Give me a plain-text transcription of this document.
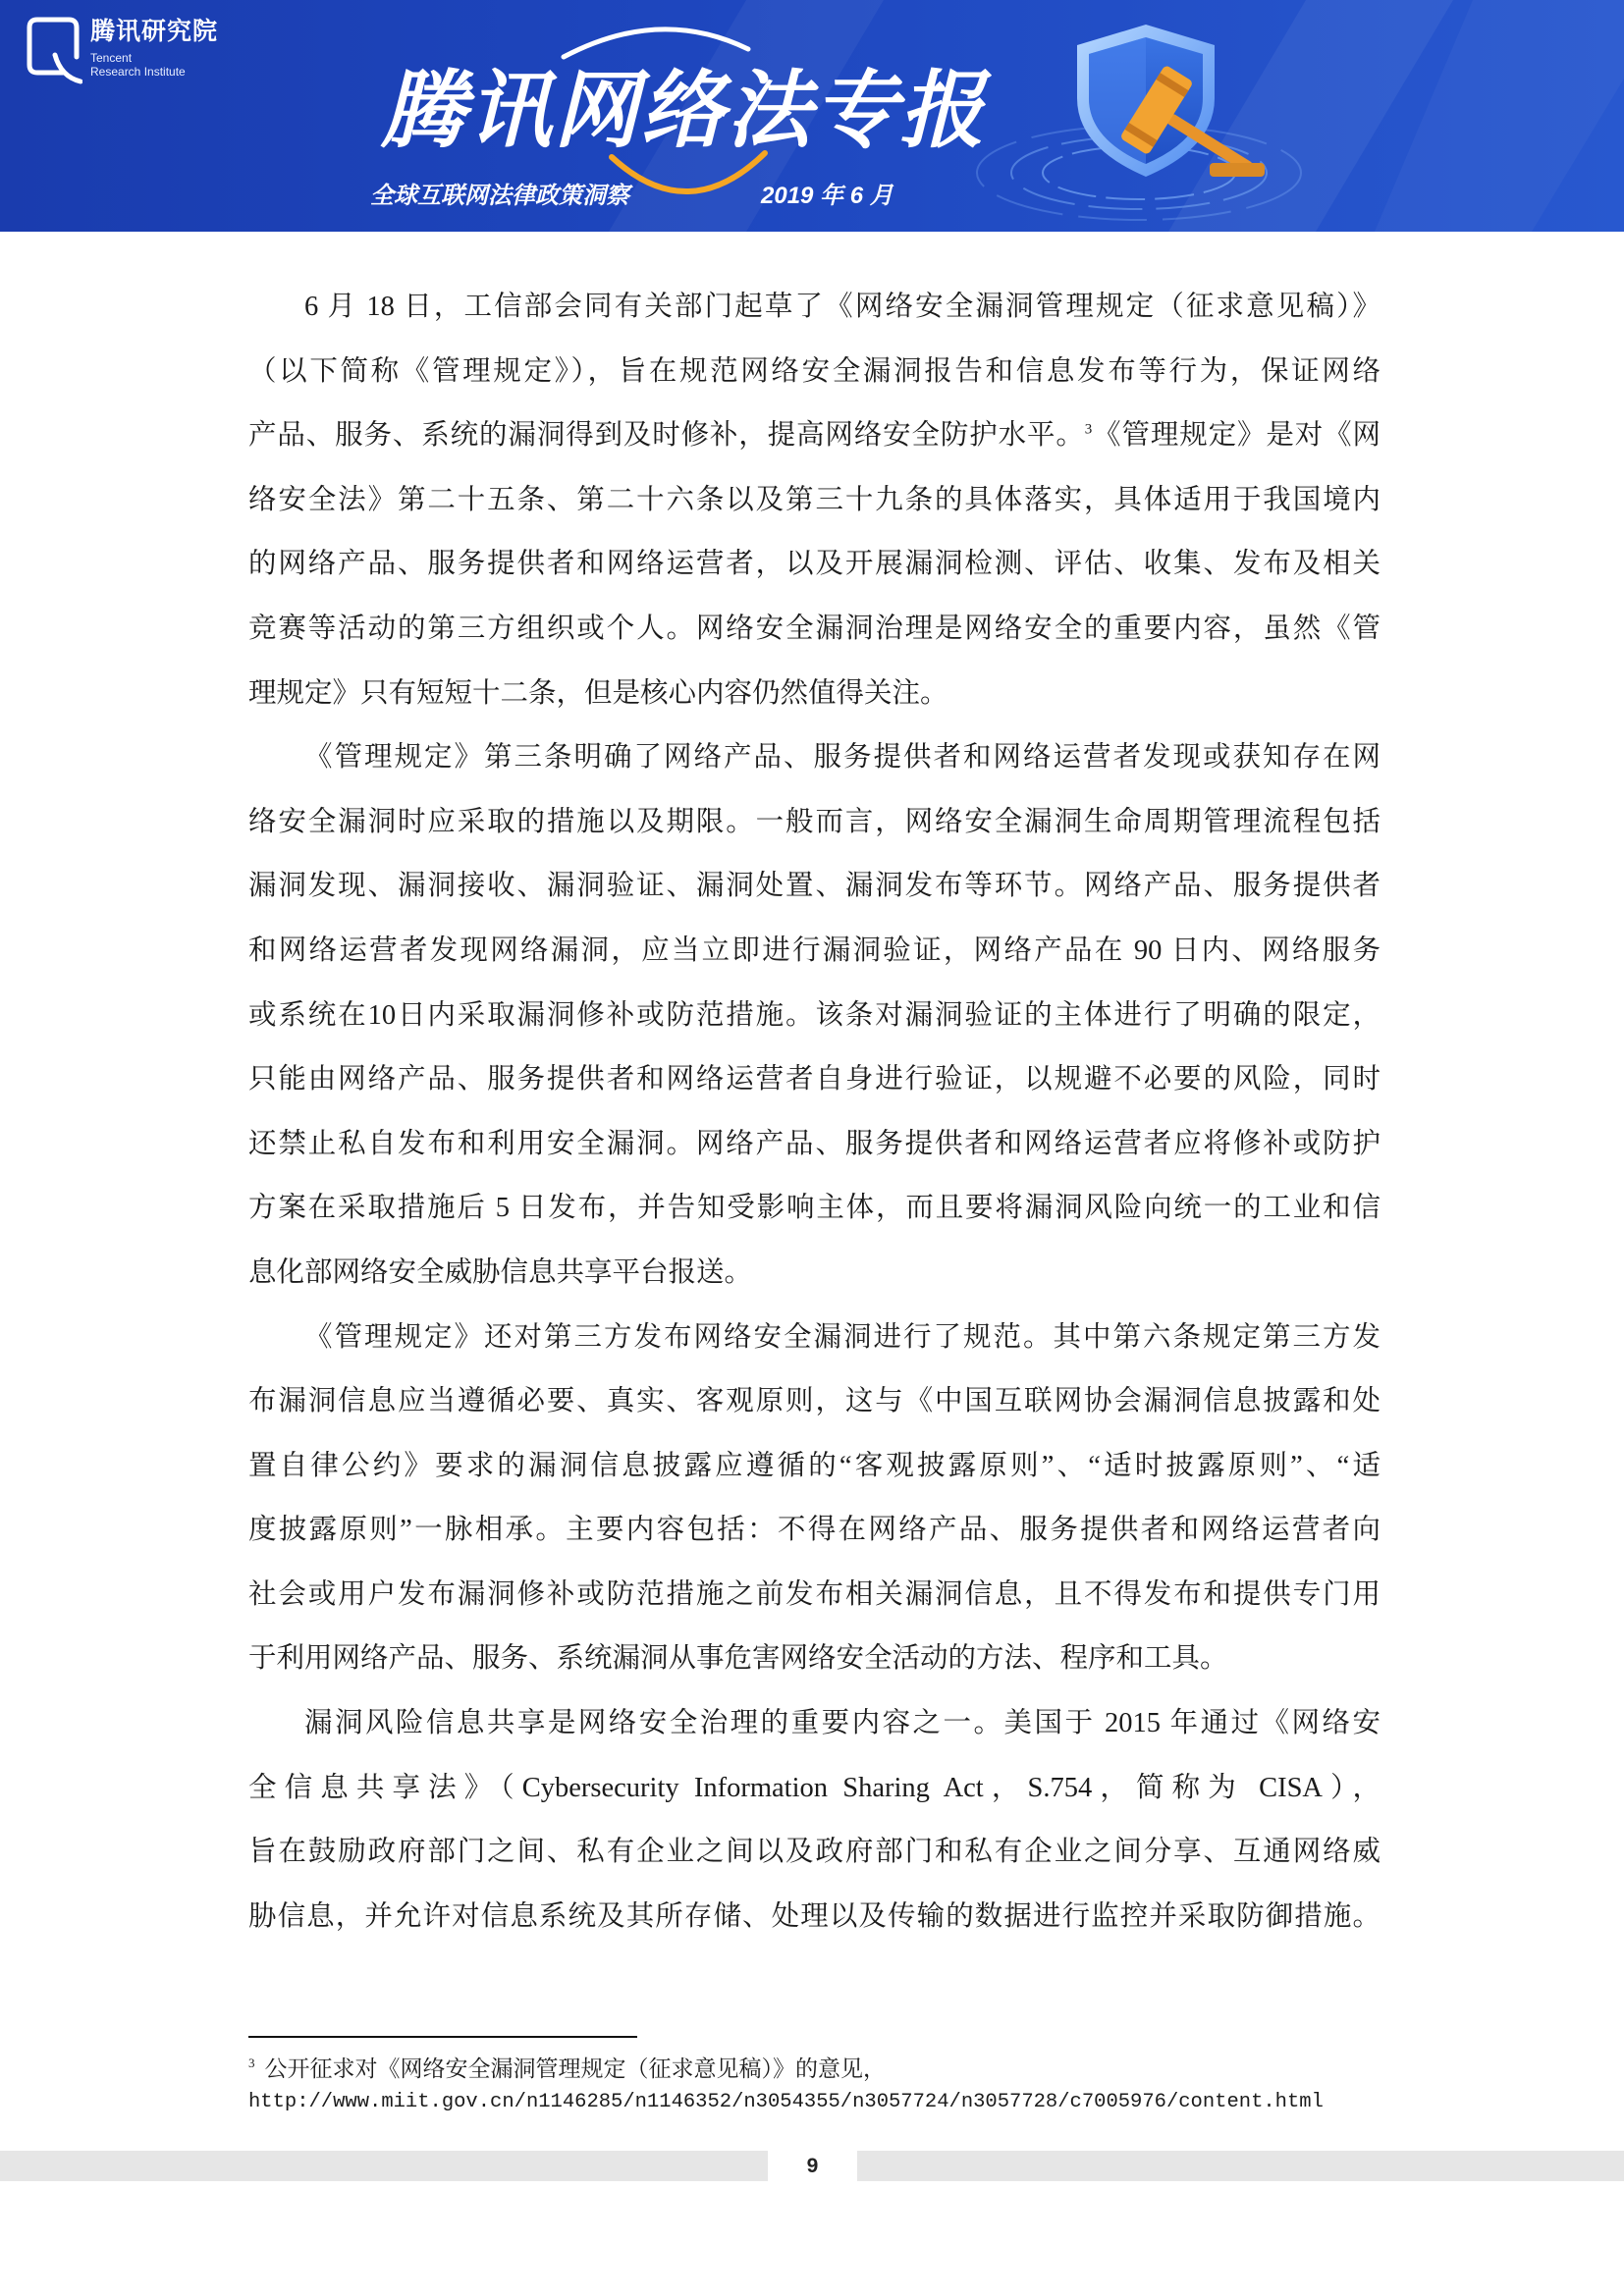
腾讯研究院
Tencent
Research Institute 腾讯网络法专报
全球互联网法律政策洞察	2019 年 6 月
6 月 18 日，工信部会同有关部门起草了《网络安全漏洞管理规定（征求意见稿）》
（以下简称《管理规定》），旨在规范网络安全漏洞报告和信息发布等行为，保证网络
产品、服务、系统的漏洞得到及时修补，提高网络安全防护水平。$^3$《管理规定》是对《网
络安全法》第二十五条、第二十六条以及第三十九条的具体落实，具体适用于我国境内
的网络产品、服务提供者和网络运营者，以及开展漏洞检测、评估、收集、发布及相关
竞赛等活动的第三方组织或个人。网络安全漏洞治理是网络安全的重要内容，虽然《管
理规定》只有短短十二条，但是核心内容仍然值得关注。
《管理规定》第三条明确了网络产品、服务提供者和网络运营者发现或获知存在网
络安全漏洞时应采取的措施以及期限。一般而言，网络安全漏洞生命周期管理流程包括
漏洞发现、漏洞接收、漏洞验证、漏洞处置、漏洞发布等环节。网络产品、服务提供者
和网络运营者发现网络漏洞，应当立即进行漏洞验证，网络产品在 90 日内、网络服务
或系统在10日内采取漏洞修补或防范措施。该条对漏洞验证的主体进行了明确的限定，
只能由网络产品、服务提供者和网络运营者自身进行验证，以规避不必要的风险，同时
还禁止私自发布和利用安全漏洞。网络产品、服务提供者和网络运营者应将修补或防护
方案在采取措施后 5 日发布，并告知受影响主体，而且要将漏洞风险向统一的工业和信
息化部网络安全威胁信息共享平台报送。
《管理规定》还对第三方发布网络安全漏洞进行了规范。其中第六条规定第三方发
布漏洞信息应当遵循必要、真实、客观原则，这与《中国互联网协会漏洞信息披露和处
置自律公约》要求的漏洞信息披露应遵循的“客观披露原则”、“适时披露原则”、“适
度披露原则”一脉相承。主要内容包括：不得在网络产品、服务提供者和网络运营者向
社会或用户发布漏洞修补或防范措施之前发布相关漏洞信息，且不得发布和提供专门用
于利用网络产品、服务、系统漏洞从事危害网络安全活动的方法、程序和工具。
漏洞风险信息共享是网络安全治理的重要内容之一。美国于 2015 年通过《网络安
全信息共享法》（Cybersecurity Information Sharing Act，S.754，简称为 CISA），
旨在鼓励政府部门之间、私有企业之间以及政府部门和私有企业之间分享、互通网络威
胁信息，并允许对信息系统及其所存储、处理以及传输的数据进行监控并采取防御措施。
$^3$ 公开征求对《网络安全漏洞管理规定（征求意见稿）》的意见，
http://www.miit.gov.cn/n1146285/n1146352/n3054355/n3057724/n3057728/c7005976/content.html
9
